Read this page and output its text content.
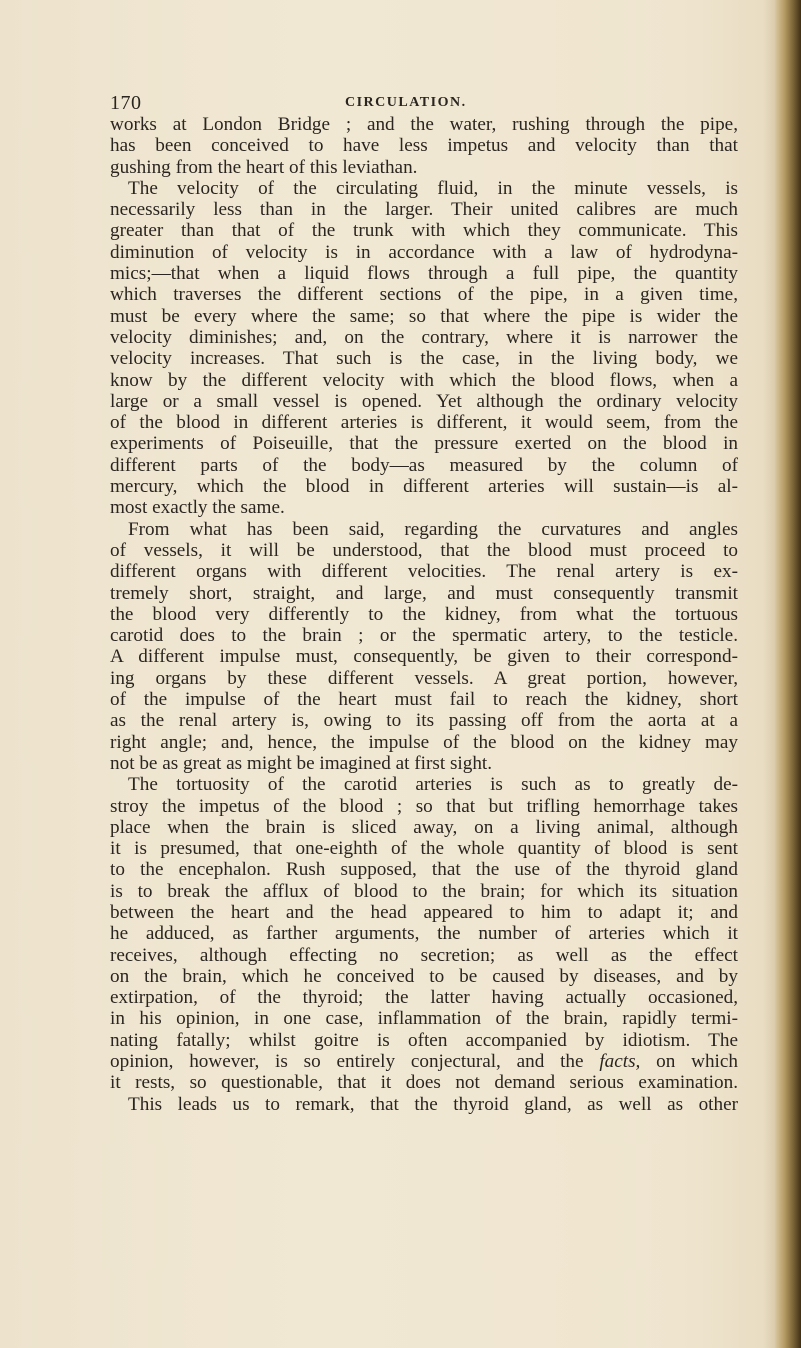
170	CIRCULATION.
works at London Bridge ; and the water, rushing through the pipe,
has been conceived to have less impetus and velocity than that
gushing from the heart of this leviathan.
The velocity of the circulating fluid, in the minute vessels, is
necessarily less than in the larger. Their united calibres are much
greater than that of the trunk with which they communicate. This
diminution of velocity is in accordance with a law of hydrodyna-
mics;—that when a liquid flows through a full pipe, the quantity
which traverses the different sections of the pipe, in a given time,
must be every where the same; so that where the pipe is wider the
velocity diminishes; and, on the contrary, where it is narrower the
velocity increases. That such is the case, in the living body, we
know by the different velocity with which the blood flows, when a
large or a small vessel is opened. Yet although the ordinary velocity
of the blood in different arteries is different, it would seem, from the
experiments of Poiseuille, that the pressure exerted on the blood in
different parts of the body—as measured by the column of
mercury, which the blood in different arteries will sustain—is al-
most exactly the same.
From what has been said, regarding the curvatures and angles
of vessels, it will be understood, that the blood must proceed to
different organs with different velocities. The renal artery is ex-
tremely short, straight, and large, and must consequently transmit
the blood very differently to the kidney, from what the tortuous
carotid does to the brain ; or the spermatic artery, to the testicle.
A different impulse must, consequently, be given to their correspond-
ing organs by these different vessels. A great portion, however,
of the impulse of the heart must fail to reach the kidney, short
as the renal artery is, owing to its passing off from the aorta at a
right angle; and, hence, the impulse of the blood on the kidney may
not be as great as might be imagined at first sight.
The tortuosity of the carotid arteries is such as to greatly de-
stroy the impetus of the blood ; so that but trifling hemorrhage takes
place when the brain is sliced away, on a living animal, although
it is presumed, that one-eighth of the whole quantity of blood is sent
to the encephalon. Rush supposed, that the use of the thyroid gland
is to break the afflux of blood to the brain; for which its situation
between the heart and the head appeared to him to adapt it; and
he adduced, as farther arguments, the number of arteries which it
receives, although effecting no secretion; as well as the effect
on the brain, which he conceived to be caused by diseases, and by
extirpation, of the thyroid; the latter having actually occasioned,
in his opinion, in one case, inflammation of the brain, rapidly termi-
nating fatally; whilst goitre is often accompanied by idiotism. The
opinion, however, is so entirely conjectural, and the facts, on which
it rests, so questionable, that it does not demand serious examination.
This leads us to remark, that the thyroid gland, as well as other
